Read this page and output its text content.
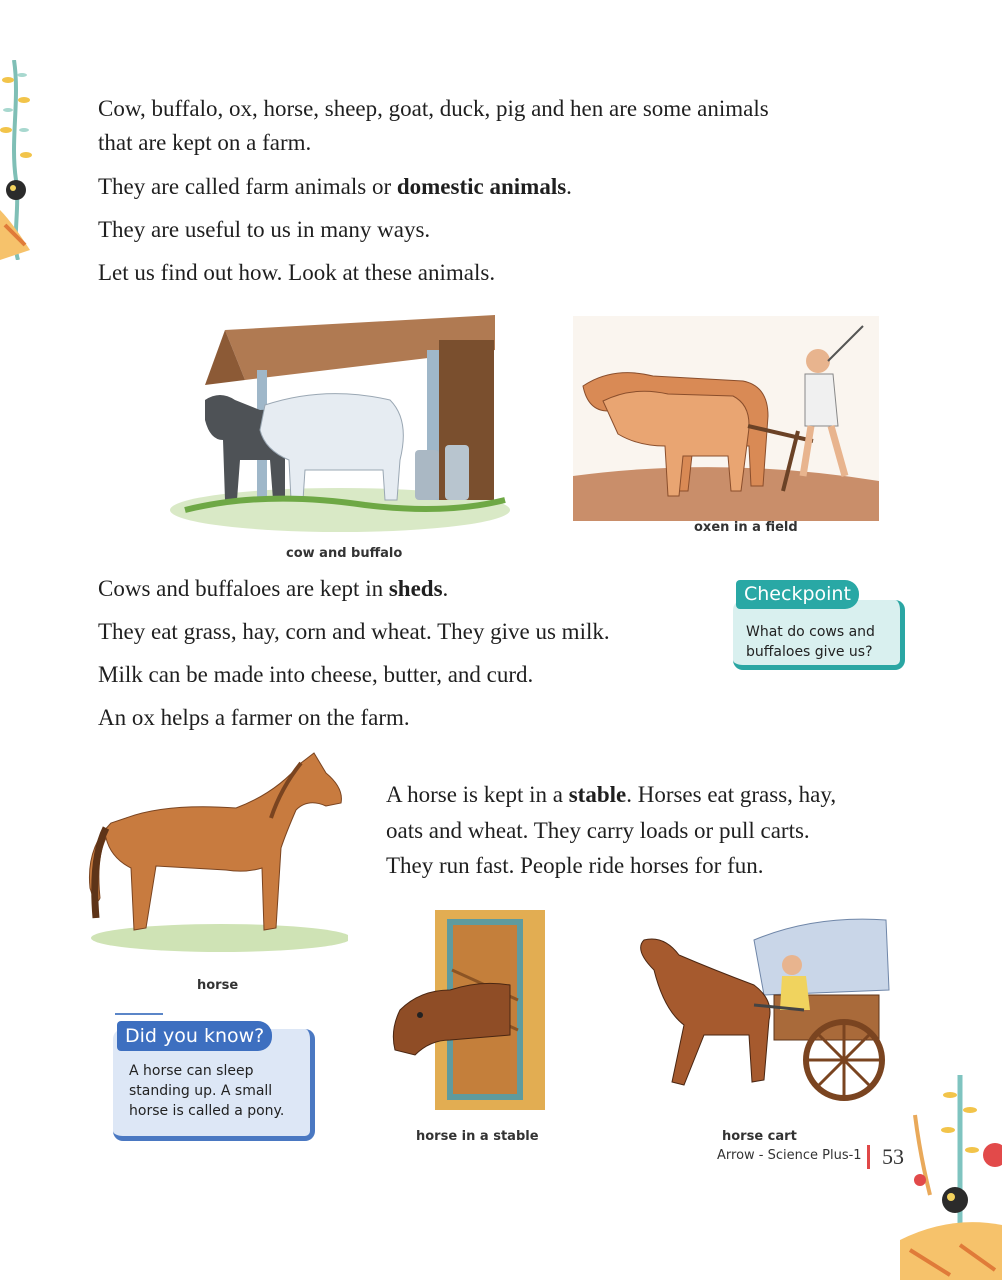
Cow, buffalo, ox, horse, sheep, goat, duck, pig and hen are some animals
that are kept on a farm.
They are called farm animals or domestic animals.
They are useful to us in many ways.
Let us find out how. Look at these animals.
cow and buffalo
oxen in a field
Cows and buffaloes are kept in sheds.
They eat grass, hay, corn and wheat. They give us milk.
Milk can be made into cheese, butter, and curd.
An ox helps a farmer on the farm.
Checkpoint
What do cows and buffaloes give us?
horse
A horse is kept in a stable. Horses eat grass, hay,
oats and wheat. They carry loads or pull carts.
They run fast. People ride horses for fun.
horse in a stable	horse cart
Did you know?
A horse can sleep standing up. A small horse is called a pony.
Arrow - Science Plus-1 53
